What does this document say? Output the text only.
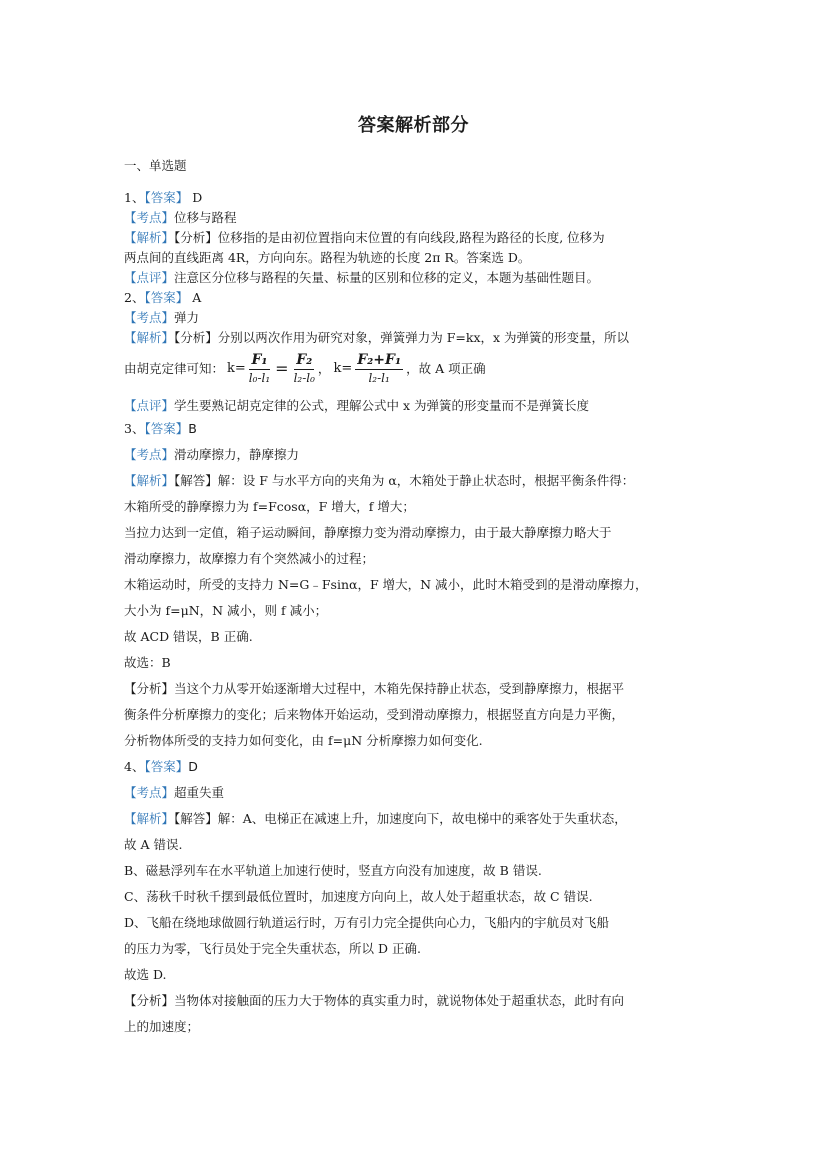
答案解析部分
一、单选题
1、【答案】 D
【考点】位移与路程
【解析】【分析】位移指的是由初位置指向末位置的有向线段,路程为路径的长度, 位移为
两点间的直线距离 4R，方向向东。路程为轨迹的长度 2π R。答案选 D。
【点评】注意区分位移与路程的矢量、标量的区别和位移的定义，本题为基础性题目。
2、【答案】 A
【考点】弹力
【解析】【分析】分别以两次作用为研究对象，弹簧弹力为 F=kx，x 为弹簧的形变量，所以
由胡克定律可知： $k= \frac{\text{F₁}}{\text{l₀-l₁}} = \frac{\text{F₂}}{\text{l₂-l₀}}$ ， $k= \frac{\text{F₂+F₁}}{\text{l₂-l₁}}$ ，故 A 项正确
【点评】学生要熟记胡克定律的公式，理解公式中 x 为弹簧的形变量而不是弹簧长度
3、【答案】B
【考点】滑动摩擦力，静摩擦力
【解析】【解答】解：设 F 与水平方向的夹角为 α，木箱处于静止状态时，根据平衡条件得：
木箱所受的静摩擦力为 f=Fcosα，F 增大，f 增大；
当拉力达到一定值，箱子运动瞬间，静摩擦力变为滑动摩擦力，由于最大静摩擦力略大于
滑动摩擦力，故摩擦力有个突然减小的过程；
木箱运动时，所受的支持力 N=G﹣Fsinα，F 增大，N 减小，此时木箱受到的是滑动摩擦力，
大小为 f=μN，N 减小，则 f 减小；
故 ACD 错误，B 正确.
故选：B
【分析】当这个力从零开始逐渐增大过程中，木箱先保持静止状态，受到静摩擦力，根据平
衡条件分析摩擦力的变化；后来物体开始运动，受到滑动摩擦力，根据竖直方向是力平衡，
分析物体所受的支持力如何变化，由 f=μN 分析摩擦力如何变化.
4、【答案】D
【考点】超重失重
【解析】【解答】解：A、电梯正在减速上升，加速度向下，故电梯中的乘客处于失重状态，
故 A 错误.
B、磁悬浮列车在水平轨道上加速行使时，竖直方向没有加速度，故 B 错误.
C、荡秋千时秋千摆到最低位置时，加速度方向向上，故人处于超重状态，故 C 错误.
D、飞船在绕地球做圆行轨道运行时，万有引力完全提供向心力，飞船内的宇航员对飞船
的压力为零，飞行员处于完全失重状态，所以 D 正确.
故选 D.
【分析】当物体对接触面的压力大于物体的真实重力时，就说物体处于超重状态，此时有向
上的加速度；
